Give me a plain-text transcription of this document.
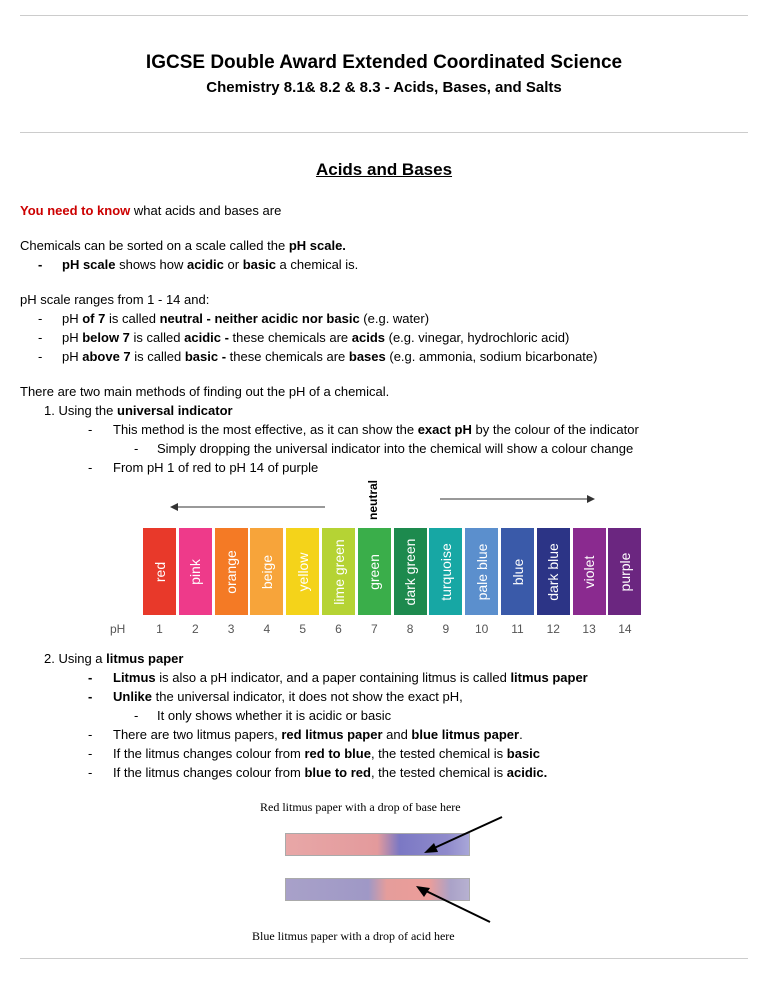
IGCSE Double Award Extended Coordinated Science
Chemistry 8.1& 8.2 & 8.3 - Acids, Bases, and Salts
Acids and Bases
You need to know what acids and bases are
Chemicals can be sorted on a scale called the pH scale.
- pH scale shows how acidic or basic a chemical is.
pH scale ranges from 1 - 14 and:
- pH of 7 is called neutral - neither acidic nor basic (e.g. water)
- pH below 7 is called acidic - these chemicals are acids (e.g. vinegar, hydrochloric acid)
- pH above 7 is called basic - these chemicals are bases (e.g. ammonia, sodium bicarbonate)
There are two main methods of finding out the pH of a chemical.
1. Using the universal indicator
- This method is the most effective, as it can show the exact pH by the colour of the indicator
- Simply dropping the universal indicator into the chemical will show a colour change
- From pH 1 of red to pH 14 of purple
neutral
red
1
pink
2
orange
3
beige
4
yellow
5
lime green
6
green
7
dark green
8
turquoise
9
pale blue
10
blue
11
dark blue
12
violet
13
purple
14
pH
2. Using a litmus paper
- Litmus is also a pH indicator, and a paper containing litmus is called litmus paper
- Unlike the universal indicator, it does not show the exact pH,
- It only shows whether it is acidic or basic
- There are two litmus papers, red litmus paper and blue litmus paper.
- If the litmus changes colour from red to blue, the tested chemical is basic
- If the litmus changes colour from blue to red, the tested chemical is acidic.
Red litmus paper with a drop of base here
Blue litmus paper with a drop of acid here
